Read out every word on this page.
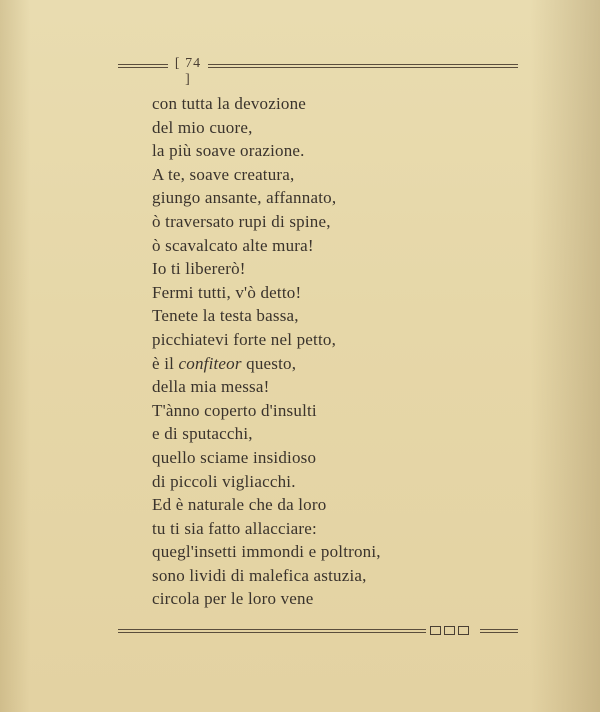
[ 74 ]
con tutta la devozione
del mio cuore,
la più soave orazione.
A te, soave creatura,
giungo ansante, affannato,
ò traversato rupi di spine,
ò scavalcato alte mura!
Io ti libererò!
Fermi tutti, v'ò detto!
Tenete la testa bassa,
picchiatevi forte nel petto,
è il confiteor questo,
della mia messa!
T'ànno coperto d'insulti
e di sputacchi,
quello sciame insidioso
di piccoli vigliacchi.
Ed è naturale che da loro
tu ti sia fatto allacciare:
quegl'insetti immondi e poltroni,
sono lividi di malefica astuzia,
circola per le loro vene
